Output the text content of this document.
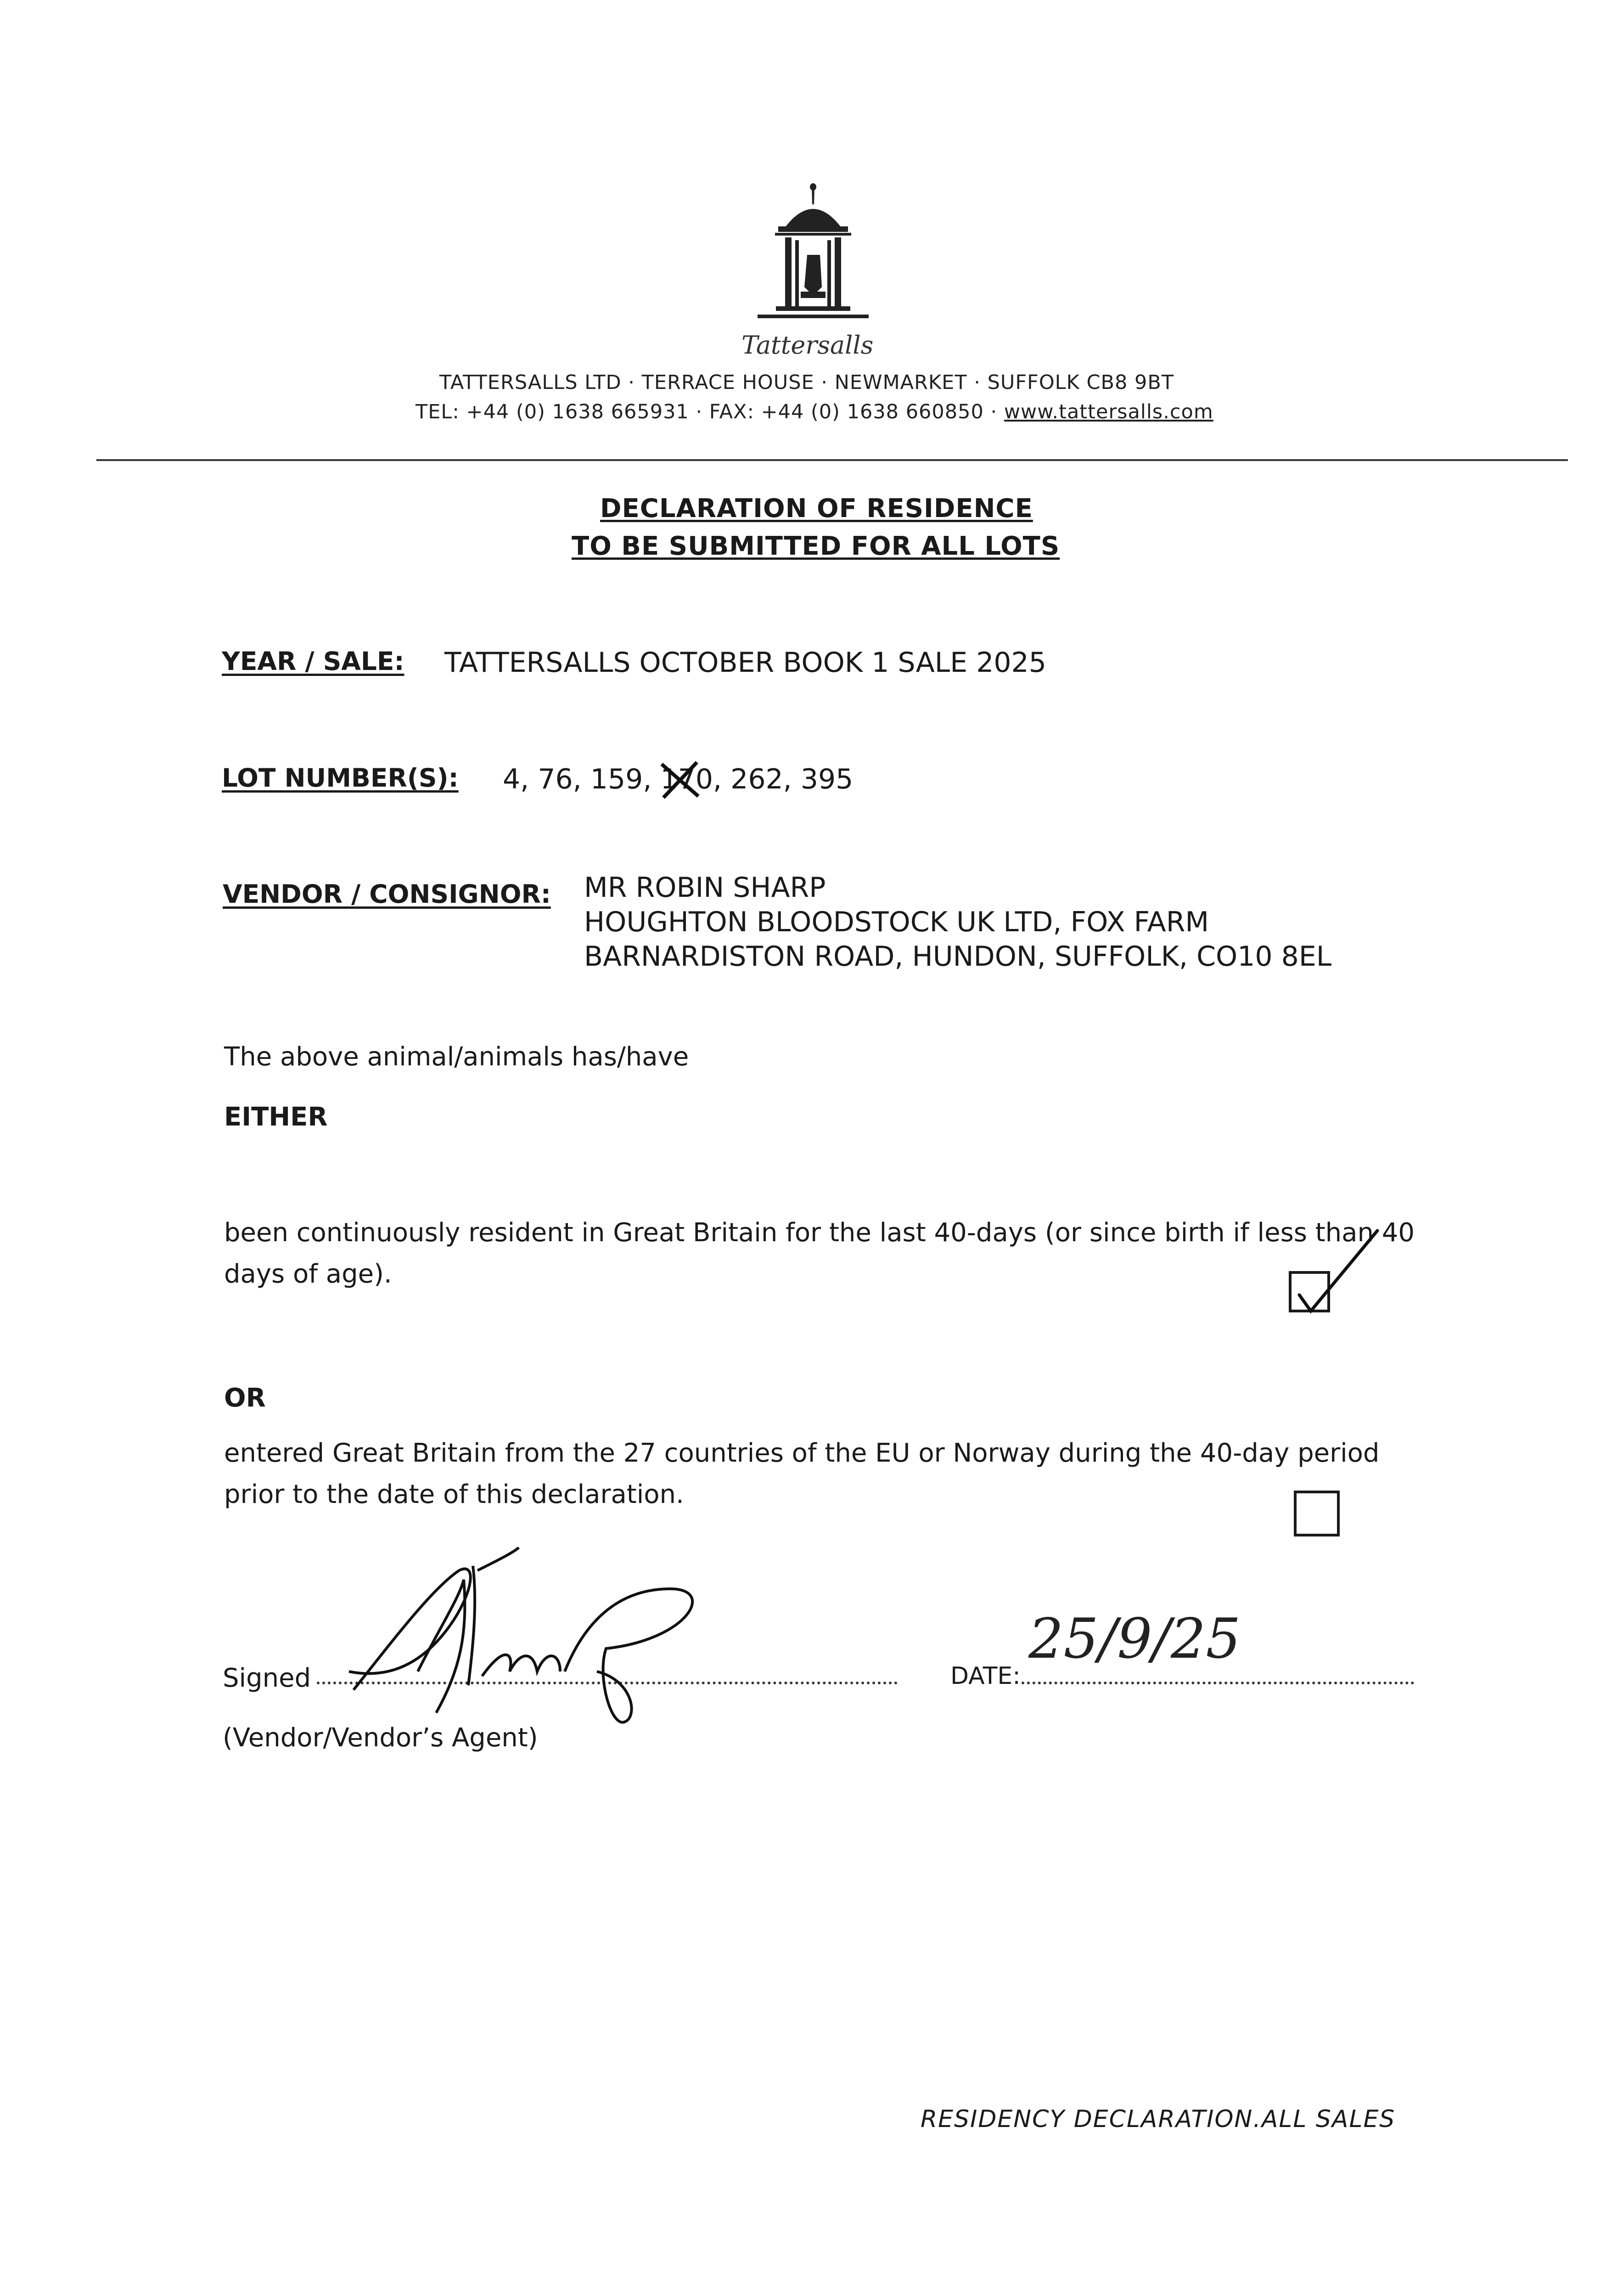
Tattersalls
TATTERSALLS LTD · TERRACE HOUSE · NEWMARKET · SUFFOLK CB8 9BT
TEL: +44 (0) 1638 665931 · FAX: +44 (0) 1638 660850 · www.tattersalls.com
DECLARATION OF RESIDENCE
TO BE SUBMITTED FOR ALL LOTS
YEAR / SALE: TATTERSALLS OCTOBER BOOK 1 SALE 2025
LOT NUMBER(S): 4, 76, 159, 170
, 262, 395
VENDOR / CONSIGNOR: MR ROBIN SHARP
HOUGHTON BLOODSTOCK UK LTD, FOX FARM
BARNARDISTON ROAD, HUNDON, SUFFOLK, CO10 8EL
The above animal/animals has/have
EITHER
been continuously resident in Great Britain for the last 40-days (or since birth if less than 40
days of age).
OR
entered Great Britain from the 27 countries of the EU or Norway during the 40-day period
prior to the date of this declaration.
Signed
(Vendor/Vendor’s Agent)
DATE:
25/9/25
RESIDENCY DECLARATION.ALL SALES
